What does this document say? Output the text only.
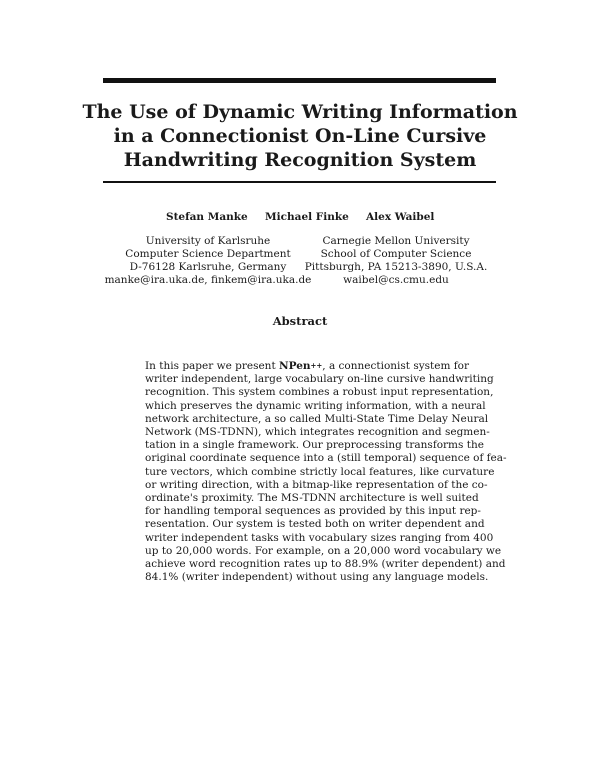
The Use of Dynamic Writing Information
in a Connectionist On-Line Cursive
Handwriting Recognition System
Stefan Manke Michael Finke Alex Waibel
University of Karlsruhe
Computer Science Department
D-76128 Karlsruhe, Germany
manke@ira.uka.de, finkem@ira.uka.de
Carnegie Mellon University
School of Computer Science
Pittsburgh, PA 15213-3890, U.S.A.
waibel@cs.cmu.edu
Abstract
In this paper we present NPen++, a connectionist system for
writer independent, large vocabulary on-line cursive handwriting
recognition. This system combines a robust input representation,
which preserves the dynamic writing information, with a neural
network architecture, a so called Multi-State Time Delay Neural
Network (MS-TDNN), which integrates recognition and segmen-
tation in a single framework. Our preprocessing transforms the
original coordinate sequence into a (still temporal) sequence of fea-
ture vectors, which combine strictly local features, like curvature
or writing direction, with a bitmap-like representation of the co-
ordinate's proximity. The MS-TDNN architecture is well suited
for handling temporal sequences as provided by this input rep-
resentation. Our system is tested both on writer dependent and
writer independent tasks with vocabulary sizes ranging from 400
up to 20,000 words. For example, on a 20,000 word vocabulary we
achieve word recognition rates up to 88.9% (writer dependent) and
84.1% (writer independent) without using any language models.
